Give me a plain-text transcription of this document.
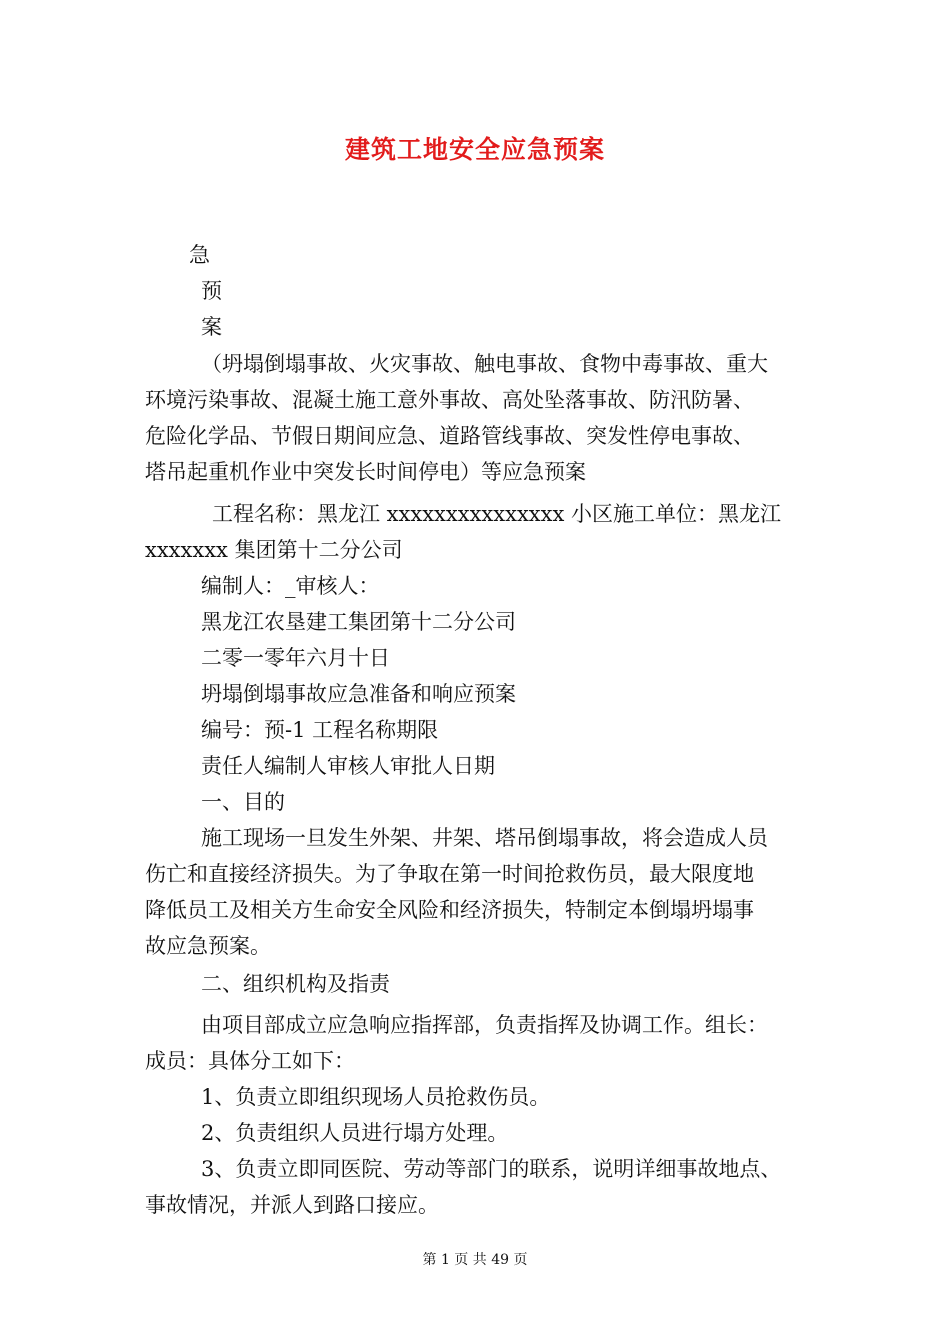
建筑工地安全应急预案
急
预
案
（坍塌倒塌事故、火灾事故、触电事故、食物中毒事故、重大
环境污染事故、混凝土施工意外事故、高处坠落事故、防汛防暑、
危险化学品、节假日期间应急、道路管线事故、突发性停电事故、
塔吊起重机作业中突发长时间停电）等应急预案
工程名称：黑龙江 xxxxxxxxxxxxxxx 小区施工单位：黑龙江
xxxxxxx 集团第十二分公司
编制人：_审核人：
黑龙江农垦建工集团第十二分公司
二零一零年六月十日
坍塌倒塌事故应急准备和响应预案
编号：预-1 工程名称期限
责任人编制人审核人审批人日期
一、目的
施工现场一旦发生外架、井架、塔吊倒塌事故，将会造成人员
伤亡和直接经济损失。为了争取在第一时间抢救伤员，最大限度地
降低员工及相关方生命安全风险和经济损失，特制定本倒塌坍塌事
故应急预案。
二、组织机构及指责
由项目部成立应急响应指挥部，负责指挥及协调工作。组长：
成员：具体分工如下：
1、负责立即组织现场人员抢救伤员。
2、负责组织人员进行塌方处理。
3、负责立即同医院、劳动等部门的联系，说明详细事故地点、
事故情况，并派人到路口接应。
第 1 页 共 49 页
